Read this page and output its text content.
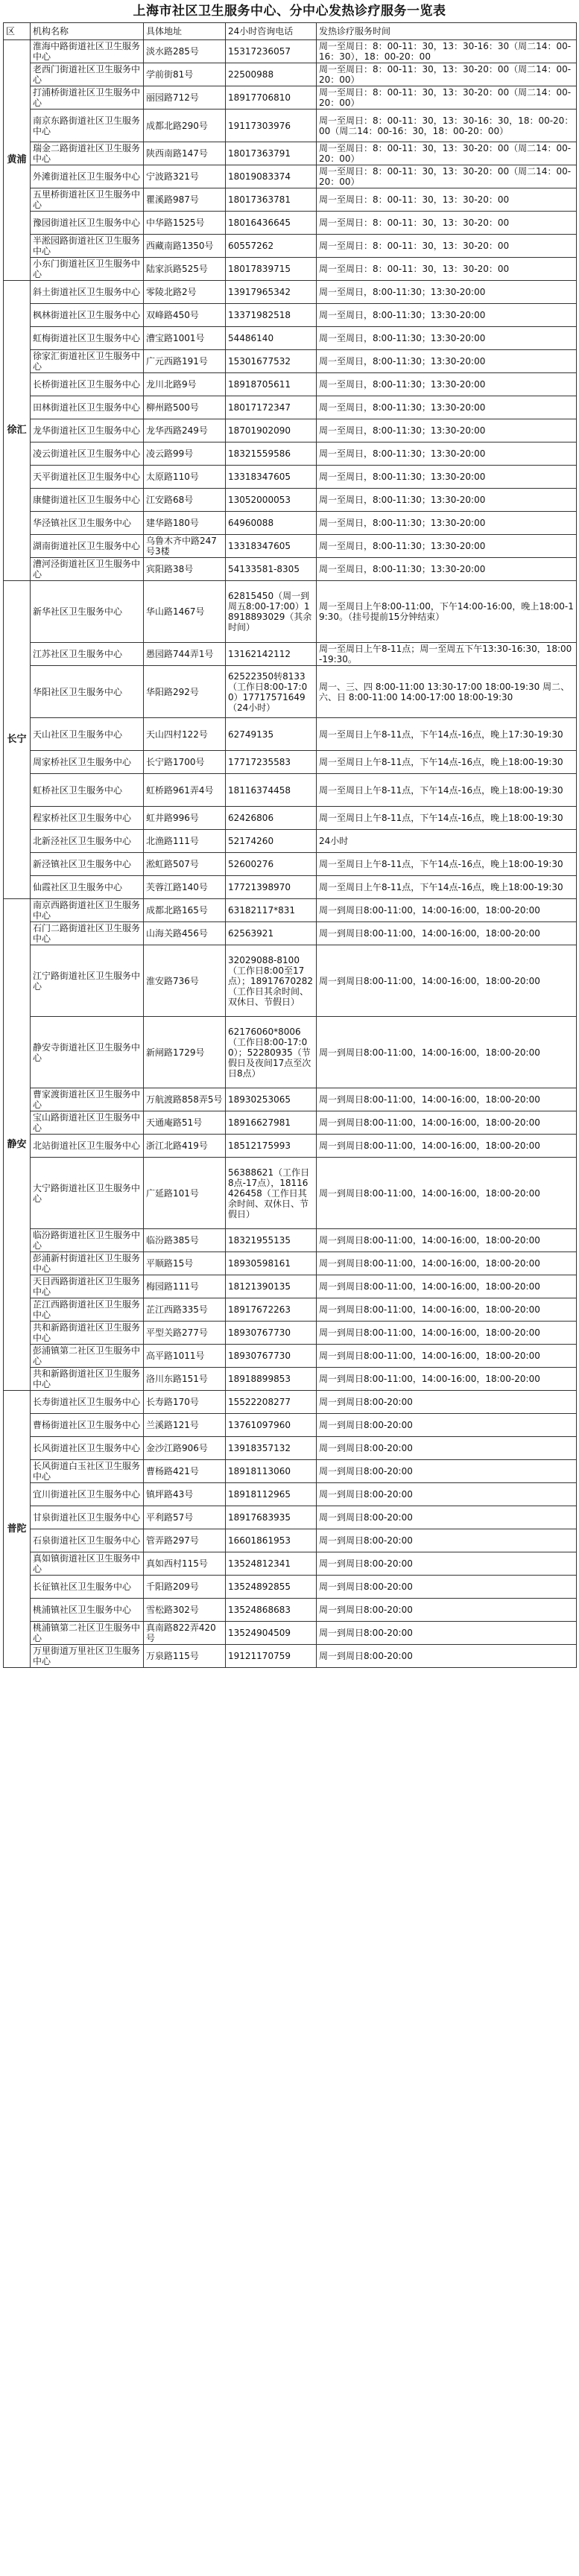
上海市社区卫生服务中心、分中心发热诊疗服务一览表
区	机构名称	具体地址	24小时咨询电话	发热诊疗服务时间
黄浦	淮海中路街道社区卫生服务中心	淡水路285号	15317236057	周一至周日：8：00-11：30，13：30-16：30（周二14：00-16：30），18：00-20：00
	老西门街道社区卫生服务中心	学前街81号	22500988	周一至周日：8：00-11：30，13：30-20：00（周二14：00-20：00）
	打浦桥街道社区卫生服务中心	丽园路712号	18917706810	周一至周日：8：00-11：30，13：30-20：00（周二14：00-20：00）
	南京东路街道社区卫生服务中心	成都北路290号	19117303976	周一至周日：8：00-11：30，13：30-16：30，18：00-20：00（周二14：00-16：30，18：00-20：00）
	瑞金二路街道社区卫生服务中心	陕西南路147号	18017363791	周一至周日：8：00-11：30，13：30-20：00（周二14：00-20：00）
	外滩街道社区卫生服务中心	宁波路321号	18019083374	周一至周日：8：00-11：30，13：30-20：00（周二14：00-20：00）
	五里桥街道社区卫生服务中心	瞿溪路987号	18017363781	周一至周日：8：00-11：30，13：30-20：00
	豫园街道社区卫生服务中心	中华路1525号	18016436645	周一至周日：8：00-11：30，13：30-20：00
	半淞园路街道社区卫生服务中心	西藏南路1350号	60557262	周一至周日：8：00-11：30，13：30-20：00
	小东门街道社区卫生服务中心	陆家浜路525号	18017839715	周一至周日：8：00-11：30，13：30-20：00
徐汇	斜土街道社区卫生服务中心	零陵北路2号	13917965342	周一至周日，8:00-11:30；13:30-20:00
	枫林街道社区卫生服务中心	双峰路450号	13371982518	周一至周日，8:00-11:30；13:30-20:00
	虹梅街道社区卫生服务中心	漕宝路1001号	54486140	周一至周日，8:00-11:30；13:30-20:00
	徐家汇街道社区卫生服务中心	广元西路191号	15301677532	周一至周日，8:00-11:30；13:30-20:00
	长桥街道社区卫生服务中心	龙川北路9号	18918705611	周一至周日，8:00-11:30；13:30-20:00
	田林街道社区卫生服务中心	柳州路500号	18017172347	周一至周日，8:00-11:30；13:30-20:00
	龙华街道社区卫生服务中心	龙华西路249号	18701902090	周一至周日，8:00-11:30；13:30-20:00
	凌云街道社区卫生服务中心	凌云路99号	18321559586	周一至周日，8:00-11:30；13:30-20:00
	天平街道社区卫生服务中心	太原路110号	13318347605	周一至周日，8:00-11:30；13:30-20:00
	康健街道社区卫生服务中心	江安路68号	13052000053	周一至周日，8:00-11:30；13:30-20:00
	华泾镇社区卫生服务中心	建华路180号	64960088	周一至周日，8:00-11:30；13:30-20:00
	湖南街道社区卫生服务中心	乌鲁木齐中路247号3楼	13318347605	周一至周日，8:00-11:30；13:30-20:00
	漕河泾街道社区卫生服务中心	宾阳路38号	54133581-8305	周一至周日，8:00-11:30；13:30-20:00
长宁	新华社区卫生服务中心	华山路1467号	62815450（周一到周五8:00-17:00）18918893029（其余时间）	周一至周日上午8:00-11:00，下午14:00-16:00，晚上18:00-19:30。（挂号提前15分钟结束）
	江苏社区卫生服务中心	愚园路744弄1号	13162142112	周一至周日上午8-11点；周一至周五下午13:30-16:30，18:00-19:30。
	华阳社区卫生服务中心	华阳路292号	62522350转8133（工作日8:00-17:00）17717571649（24小时）	周一、三、四 8:00-11:00 13:30-17:00 18:00-19:30 周二、六、日 8:00-11:00 14:00-17:00 18:00-19:30
	天山社区卫生服务中心	天山四村122号	62749135	周一至周日上午8-11点，下午14点-16点，晚上17:30-19:30
	周家桥社区卫生服务中心	长宁路1700号	17717235583	周一至周日上午8-11点，下午14点-16点，晚上18:00-19:30
	虹桥社区卫生服务中心	虹桥路961弄4号	18116374458	周一至周日上午8-11点，下午14点-16点，晚上18:00-19:30
	程家桥社区卫生服务中心	虹井路996号	62426806	周一至周日上午8-11点，下午14点-16点，晚上18:00-19:30
	北新泾社区卫生服务中心	北渔路111号	52174260	24小时
	新泾镇社区卫生服务中心	淞虹路507号	52600276	周一至周日上午8-11点，下午14点-16点，晚上18:00-19:30
	仙霞社区卫生服务中心	芙蓉江路140号	17721398970	周一至周日上午8-11点，下午14点-16点，晚上18:00-19:30
静安	南京西路街道社区卫生服务中心	成都北路165号	63182117*831	周一到周日8:00-11:00，14:00-16:00，18:00-20:00
	石门二路街道社区卫生服务中心	山海关路456号	62563921	周一到周日8:00-11:00，14:00-16:00，18:00-20:00
	江宁路街道社区卫生服务中心	淮安路736号	32029088-8100（工作日8:00至17点）；18917670282（工作日其余时间、双休日、节假日）	周一到周日8:00-11:00，14:00-16:00，18:00-20:00
	静安寺街道社区卫生服务中心	新闸路1729号	62176060*8006（工作日8:00-17:00）；52280935（节假日及夜间17点至次日8点）	周一到周日8:00-11:00，14:00-16:00，18:00-20:00
	曹家渡街道社区卫生服务中心	万航渡路858弄5号	18930253065	周一到周日8:00-11:00，14:00-16:00，18:00-20:00
	宝山路街道社区卫生服务中心	天通庵路51号	18916627981	周一到周日8:00-11:00，14:00-16:00，18:00-20:00
	北站街道社区卫生服务中心	浙江北路419号	18512175993	周一到周日8:00-11:00，14:00-16:00，18:00-20:00
	大宁路街道社区卫生服务中心	广延路101号	56388621（工作日8点-17点），18116426458（工作日其余时间、双休日、节假日）	周一到周日8:00-11:00，14:00-16:00，18:00-20:00
	临汾路街道社区卫生服务中心	临汾路385号	18321955135	周一到周日8:00-11:00，14:00-16:00，18:00-20:00
	彭浦新村街道社区卫生服务中心	平顺路15号	18930598161	周一到周日8:00-11:00，14:00-16:00，18:00-20:00
	天目西路街道社区卫生服务中心	梅园路111号	18121390135	周一到周日8:00-11:00，14:00-16:00，18:00-20:00
	芷江西路街道社区卫生服务中心	芷江西路335号	18917672263	周一到周日8:00-11:00，14:00-16:00，18:00-20:00
	共和新路街道社区卫生服务中心	平型关路277号	18930767730	周一到周日8:00-11:00，14:00-16:00，18:00-20:00
	彭浦镇第二社区卫生服务中心	高平路1011号	18930767730	周一到周日8:00-11:00，14:00-16:00，18:00-20:00
	共和新路街道社区卫生服务中心	洛川东路151号	18918899853	周一到周日8:00-11:00，14:00-16:00，18:00-20:00
普陀	长寿街道社区卫生服务中心	长寿路170号	15522208277	周一到周日8:00-20:00
	曹杨街道社区卫生服务中心	兰溪路121号	13761097960	周一到周日8:00-20:00
	长风街道社区卫生服务中心	金沙江路906号	13918357132	周一到周日8:00-20:00
	长风街道白玉社区卫生服务中心	曹杨路421号	18918113060	周一到周日8:00-20:00
	宜川街道社区卫生服务中心	镇坪路43号	18918112965	周一到周日8:00-20:00
	甘泉街道社区卫生服务中心	平利路57号	18917683935	周一到周日8:00-20:00
	石泉街道社区卫生服务中心	管弄路297号	16601861953	周一到周日8:00-20:00
	真如镇街道社区卫生服务中心	真如西村115号	13524812341	周一到周日8:00-20:00
	长征镇社区卫生服务中心	千阳路209号	13524892855	周一到周日8:00-20:00
	桃浦镇社区卫生服务中心	雪松路302号	13524868683	周一到周日8:00-20:00
	桃浦镇第二社区卫生服务中心	真南路822弄420号	13524904509	周一到周日8:00-20:00
	万里街道万里社区卫生服务中心	万泉路115号	19121170759	周一到周日8:00-20:00
